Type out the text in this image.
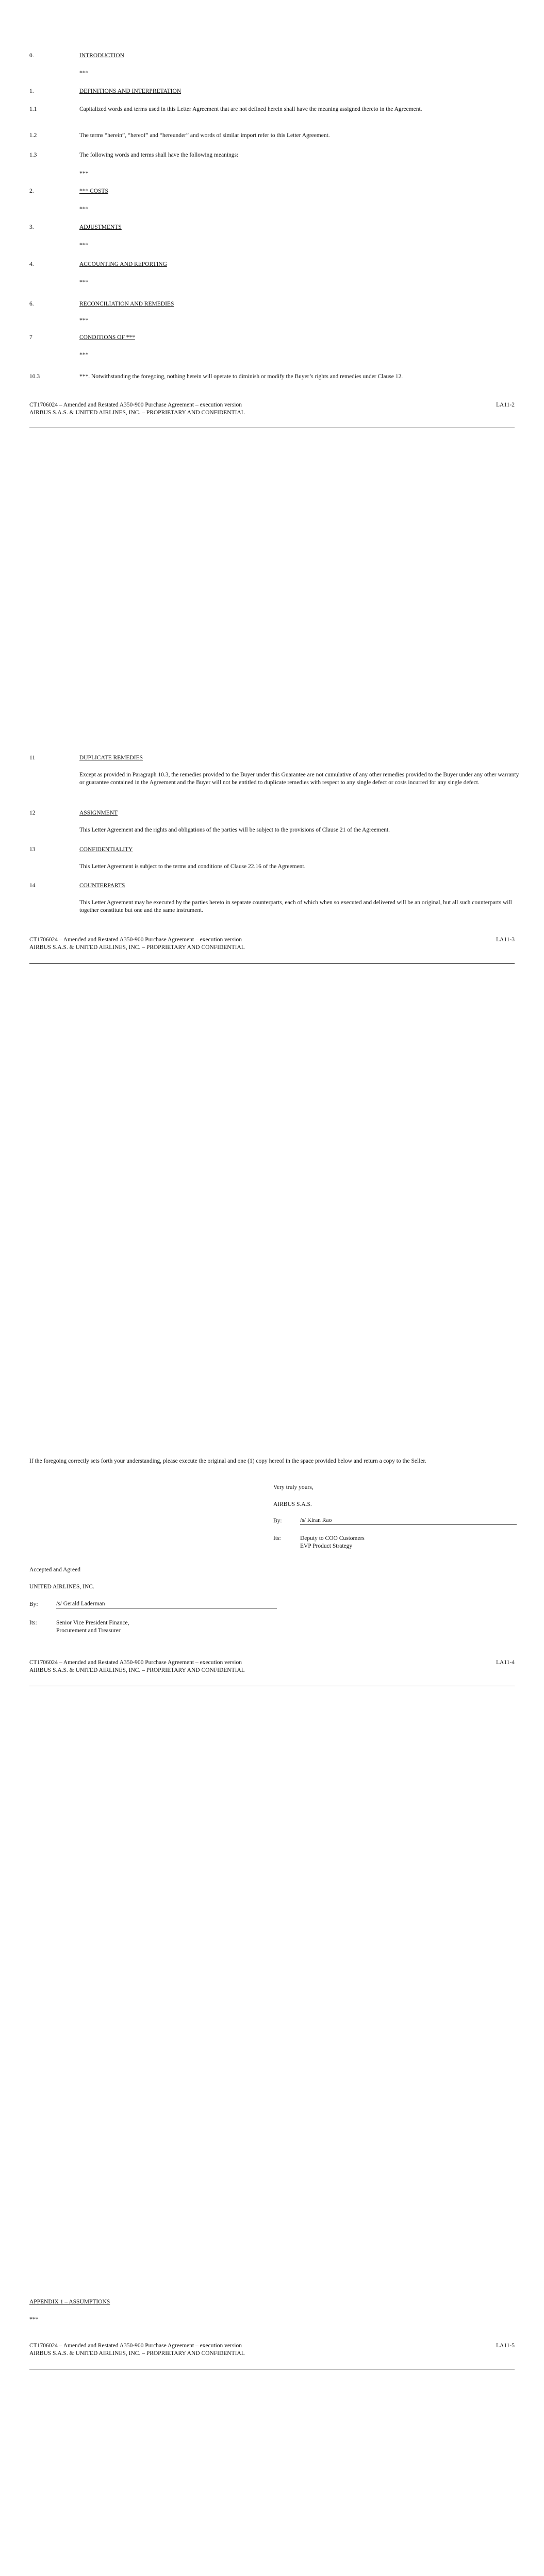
0.	INTRODUCTION
***
1.	DEFINITIONS AND INTERPRETATION
1.1	Capitalized words and terms used in this Letter Agreement that are not defined herein shall have the meaning assigned thereto in the Agreement.
1.2	The terms “herein”, “hereof” and “hereunder” and words of similar import refer to this Letter Agreement.
1.3	The following words and terms shall have the following meanings:
***
2.	*** COSTS
***
3.	ADJUSTMENTS
***
4.	ACCOUNTING AND REPORTING
***
6.	RECONCILIATION AND REMEDIES
***
7	CONDITIONS OF ***
***
10.3	***. Notwithstanding the foregoing, nothing herein will operate to diminish or modify the Buyer’s rights and remedies under Clause 12.
CT1706024 – Amended and Restated A350-900 Purchase Agreement – execution version
AIRBUS S.A.S. & UNITED AIRLINES, INC. – PROPRIETARY AND CONFIDENTIAL
LA11-2
11	DUPLICATE REMEDIES
Except as provided in Paragraph 10.3, the remedies provided to the Buyer under this Guarantee are not cumulative of any other remedies provided to the Buyer under any other warranty or guarantee contained in the Agreement and the Buyer will not be entitled to duplicate remedies with respect to any single defect or costs incurred for any single defect.
12	ASSIGNMENT
This Letter Agreement and the rights and obligations of the parties will be subject to the provisions of Clause 21 of the Agreement.
13	CONFIDENTIALITY
This Letter Agreement is subject to the terms and conditions of Clause 22.16 of the Agreement.
14	COUNTERPARTS
This Letter Agreement may be executed by the parties hereto in separate counterparts, each of which when so executed and delivered will be an original, but all such counterparts will together constitute but one and the same instrument.
CT1706024 – Amended and Restated A350-900 Purchase Agreement – execution version
AIRBUS S.A.S. & UNITED AIRLINES, INC. – PROPRIETARY AND CONFIDENTIAL
LA11-3
If the foregoing correctly sets forth your understanding, please execute the original and one (1) copy hereof in the space provided below and return a copy to the Seller.
Very truly yours,
AIRBUS S.A.S.
By:	/s/ Kiran Rao
Its:	Deputy to COO Customers
EVP Product Strategy
Accepted and Agreed
UNITED AIRLINES, INC.
By:	/s/ Gerald Laderman
Its:	Senior Vice President Finance,
Procurement and Treasurer
CT1706024 – Amended and Restated A350-900 Purchase Agreement – execution version
AIRBUS S.A.S. & UNITED AIRLINES, INC. – PROPRIETARY AND CONFIDENTIAL
LA11-4
APPENDIX 1 – ASSUMPTIONS
***
CT1706024 – Amended and Restated A350-900 Purchase Agreement – execution version
AIRBUS S.A.S. & UNITED AIRLINES, INC. – PROPRIETARY AND CONFIDENTIAL
LA11-5
